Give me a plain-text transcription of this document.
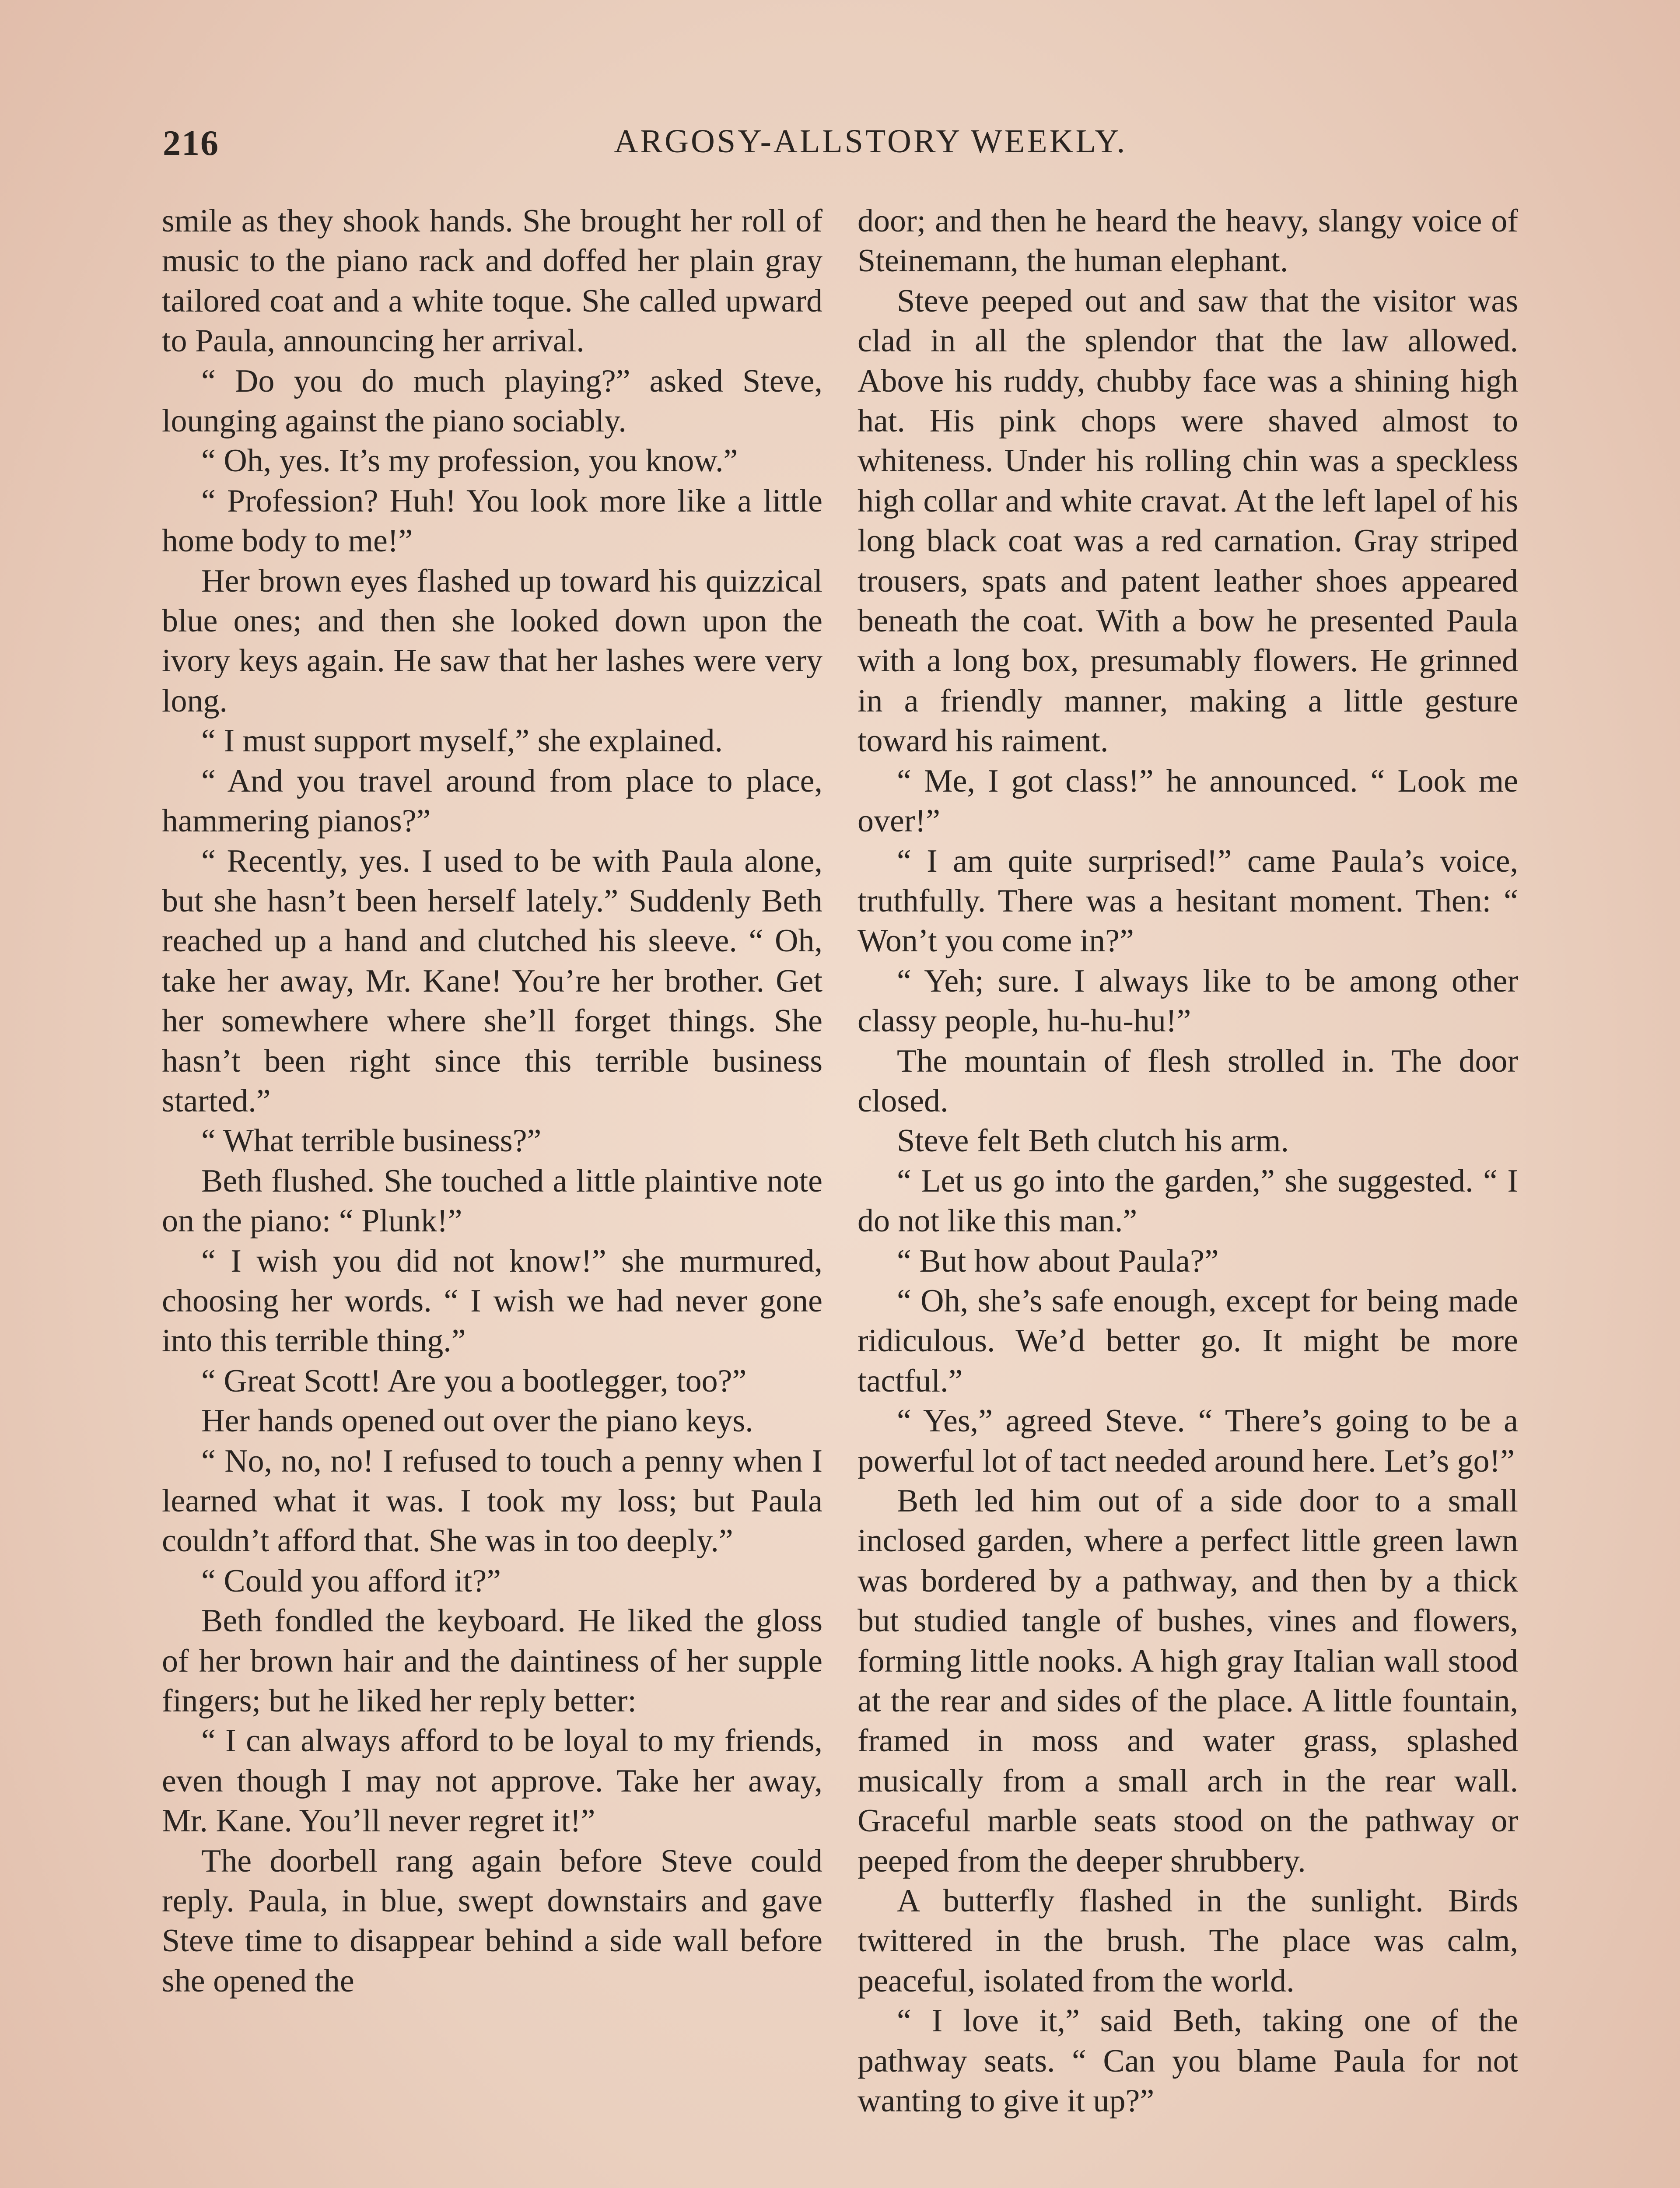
216	ARGOSY-ALLSTORY WEEKLY.

smile as they shook hands. She brought her roll of music to the piano rack and doffed her plain gray tailored coat and a white toque. She called upward to Paula, announcing her arrival.

“ Do you do much playing?” asked Steve, lounging against the piano sociably.

“ Oh, yes. It’s my profession, you know.”

“ Profession? Huh! You look more like a little home body to me!”

Her brown eyes flashed up toward his quizzical blue ones; and then she looked down upon the ivory keys again. He saw that her lashes were very long.

“ I must support myself,” she explained.

“ And you travel around from place to place, hammering pianos?”

“ Recently, yes. I used to be with Paula alone, but she hasn’t been herself lately.” Suddenly Beth reached up a hand and clutched his sleeve. “ Oh, take her away, Mr. Kane! You’re her brother. Get her somewhere where she’ll forget things. She hasn’t been right since this terrible business started.”

“ What terrible business?”

Beth flushed. She touched a little plaintive note on the piano: “ Plunk!”

“ I wish you did not know!” she murmured, choosing her words. “ I wish we had never gone into this terrible thing.”

“ Great Scott! Are you a bootlegger, too?”

Her hands opened out over the piano keys.

“ No, no, no! I refused to touch a penny when I learned what it was. I took my loss; but Paula couldn’t afford that. She was in too deeply.”

“ Could you afford it?”

Beth fondled the keyboard. He liked the gloss of her brown hair and the daintiness of her supple fingers; but he liked her reply better:

“ I can always afford to be loyal to my friends, even though I may not approve. Take her away, Mr. Kane. You’ll never regret it!”

The doorbell rang again before Steve could reply. Paula, in blue, swept downstairs and gave Steve time to disappear behind a side wall before she opened the

door; and then he heard the heavy, slangy voice of Steinemann, the human elephant.

Steve peeped out and saw that the visitor was clad in all the splendor that the law allowed. Above his ruddy, chubby face was a shining high hat. His pink chops were shaved almost to whiteness. Under his rolling chin was a speckless high collar and white cravat. At the left lapel of his long black coat was a red carnation. Gray striped trousers, spats and patent leather shoes appeared beneath the coat. With a bow he presented Paula with a long box, presumably flowers. He grinned in a friendly manner, making a little gesture toward his raiment.

“ Me, I got class!” he announced. “ Look me over!”

“ I am quite surprised!” came Paula’s voice, truthfully. There was a hesitant moment. Then: “ Won’t you come in?”

“ Yeh; sure. I always like to be among other classy people, hu-hu-hu!”

The mountain of flesh strolled in. The door closed.

Steve felt Beth clutch his arm.

“ Let us go into the garden,” she suggested. “ I do not like this man.”

“ But how about Paula?”

“ Oh, she’s safe enough, except for being made ridiculous. We’d better go. It might be more tactful.”

“ Yes,” agreed Steve. “ There’s going to be a powerful lot of tact needed around here. Let’s go!”

Beth led him out of a side door to a small inclosed garden, where a perfect little green lawn was bordered by a pathway, and then by a thick but studied tangle of bushes, vines and flowers, forming little nooks. A high gray Italian wall stood at the rear and sides of the place. A little fountain, framed in moss and water grass, splashed musically from a small arch in the rear wall. Graceful marble seats stood on the pathway or peeped from the deeper shrubbery.

A butterfly flashed in the sunlight. Birds twittered in the brush. The place was calm, peaceful, isolated from the world.

“ I love it,” said Beth, taking one of the pathway seats. “ Can you blame Paula for not wanting to give it up?”
